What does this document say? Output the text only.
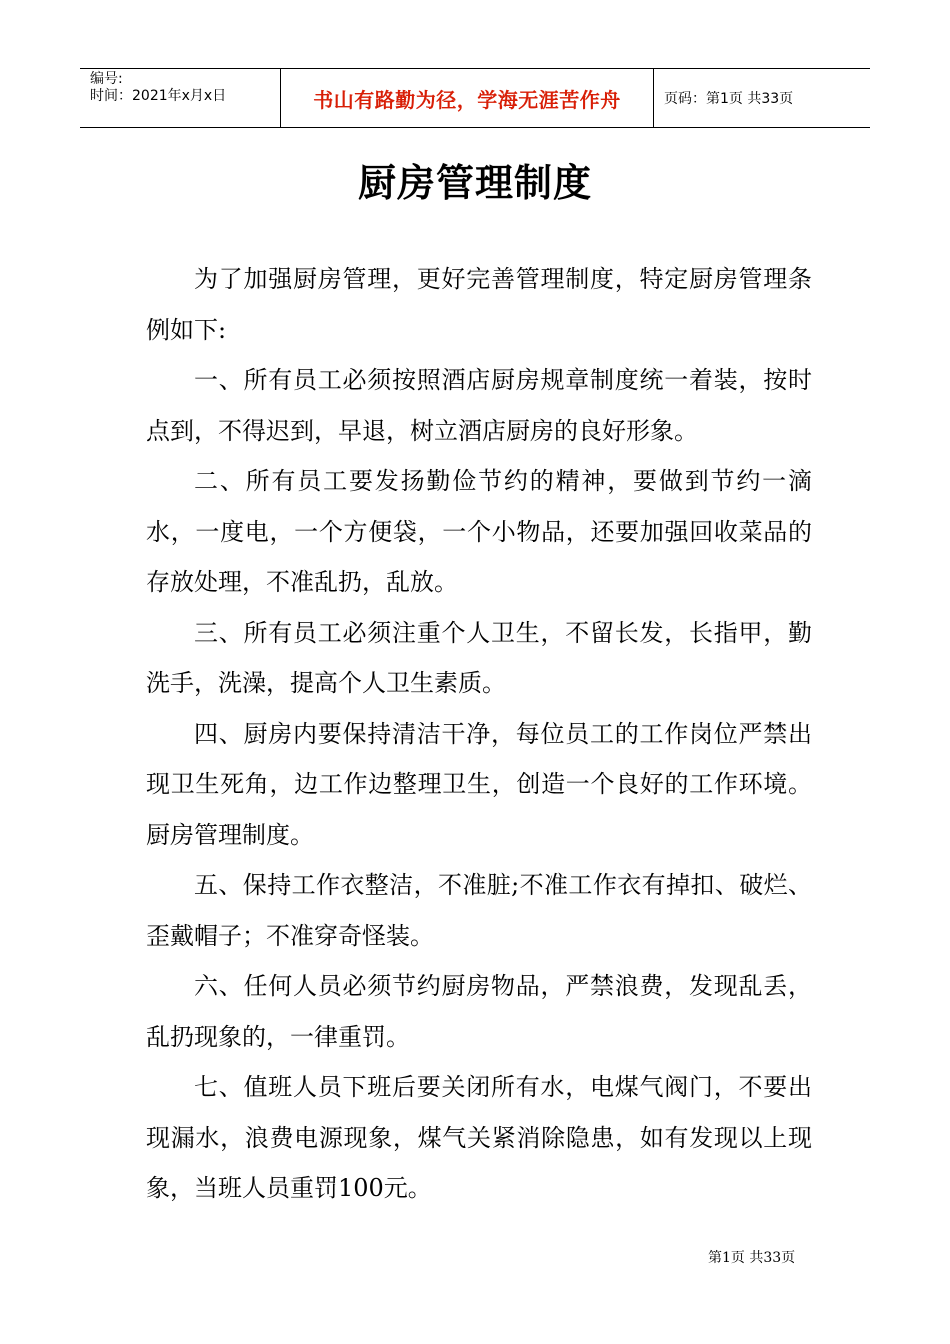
编号:
时间：2021年x月x日	书山有路勤为径，学海无涯苦作舟	页码：第1页 共33页
厨房管理制度

为了加强厨房管理，更好完善管理制度，特定厨房管理条例如下:

一、所有员工必须按照酒店厨房规章制度统一着装，按时点到，不得迟到，早退，树立酒店厨房的良好形象。

二、所有员工要发扬勤俭节约的精神，要做到节约一滴水，一度电，一个方便袋，一个小物品，还要加强回收菜品的存放处理，不准乱扔，乱放。

三、所有员工必须注重个人卫生，不留长发，长指甲，勤洗手，洗澡，提高个人卫生素质。

四、厨房内要保持清洁干净，每位员工的工作岗位严禁出现卫生死角，边工作边整理卫生，创造一个良好的工作环境。厨房管理制度。

五、保持工作衣整洁，不准脏;不准工作衣有掉扣、破烂、歪戴帽子；不准穿奇怪装。

六、任何人员必须节约厨房物品，严禁浪费，发现乱丢，乱扔现象的，一律重罚。

七、值班人员下班后要关闭所有水，电煤气阀门，不要出现漏水，浪费电源现象，煤气关紧消除隐患，如有发现以上现象，当班人员重罚100元。

第1页 共33页
